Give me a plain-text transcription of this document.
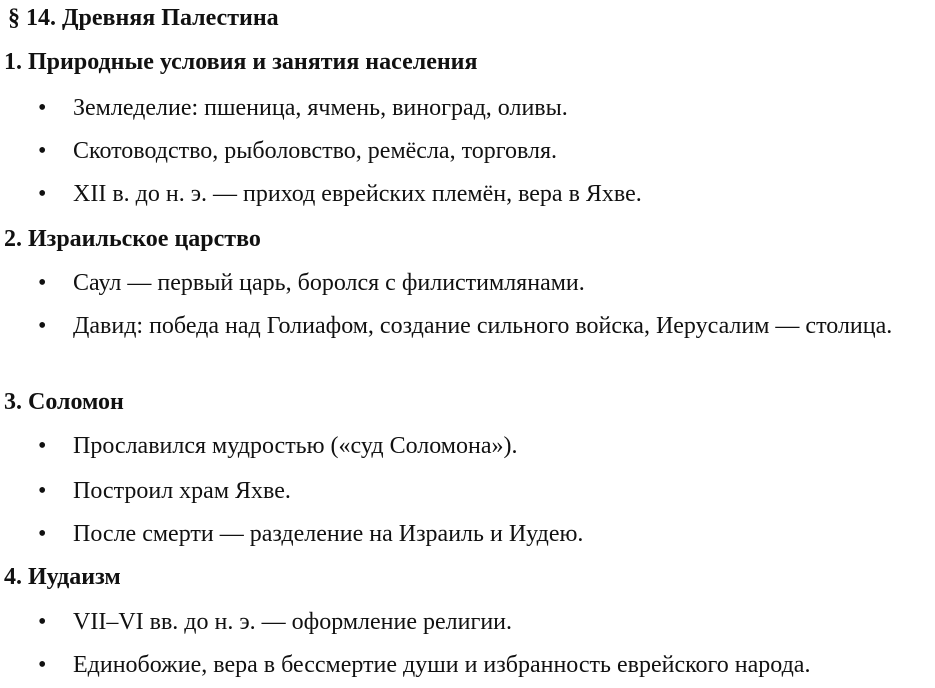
§ 14. Древняя Палестина
1. Природные условия и занятия населения
• Земледелие: пшеница, ячмень, виноград, оливы.
• Скотоводство, рыболовство, ремёсла, торговля.
• XII в. до н. э. — приход еврейских племён, вера в Яхве.
2. Израильское царство
• Саул — первый царь, боролся с филистимлянами.
• Давид: победа над Голиафом, создание сильного войска, Иерусалим — столица.
3. Соломон
• Прославился мудростью («суд Соломона»).
• Построил храм Яхве.
• После смерти — разделение на Израиль и Иудею.
4. Иудаизм
• VII–VI вв. до н. э. — оформление религии.
• Единобожие, вера в бессмертие души и избранность еврейского народа.
